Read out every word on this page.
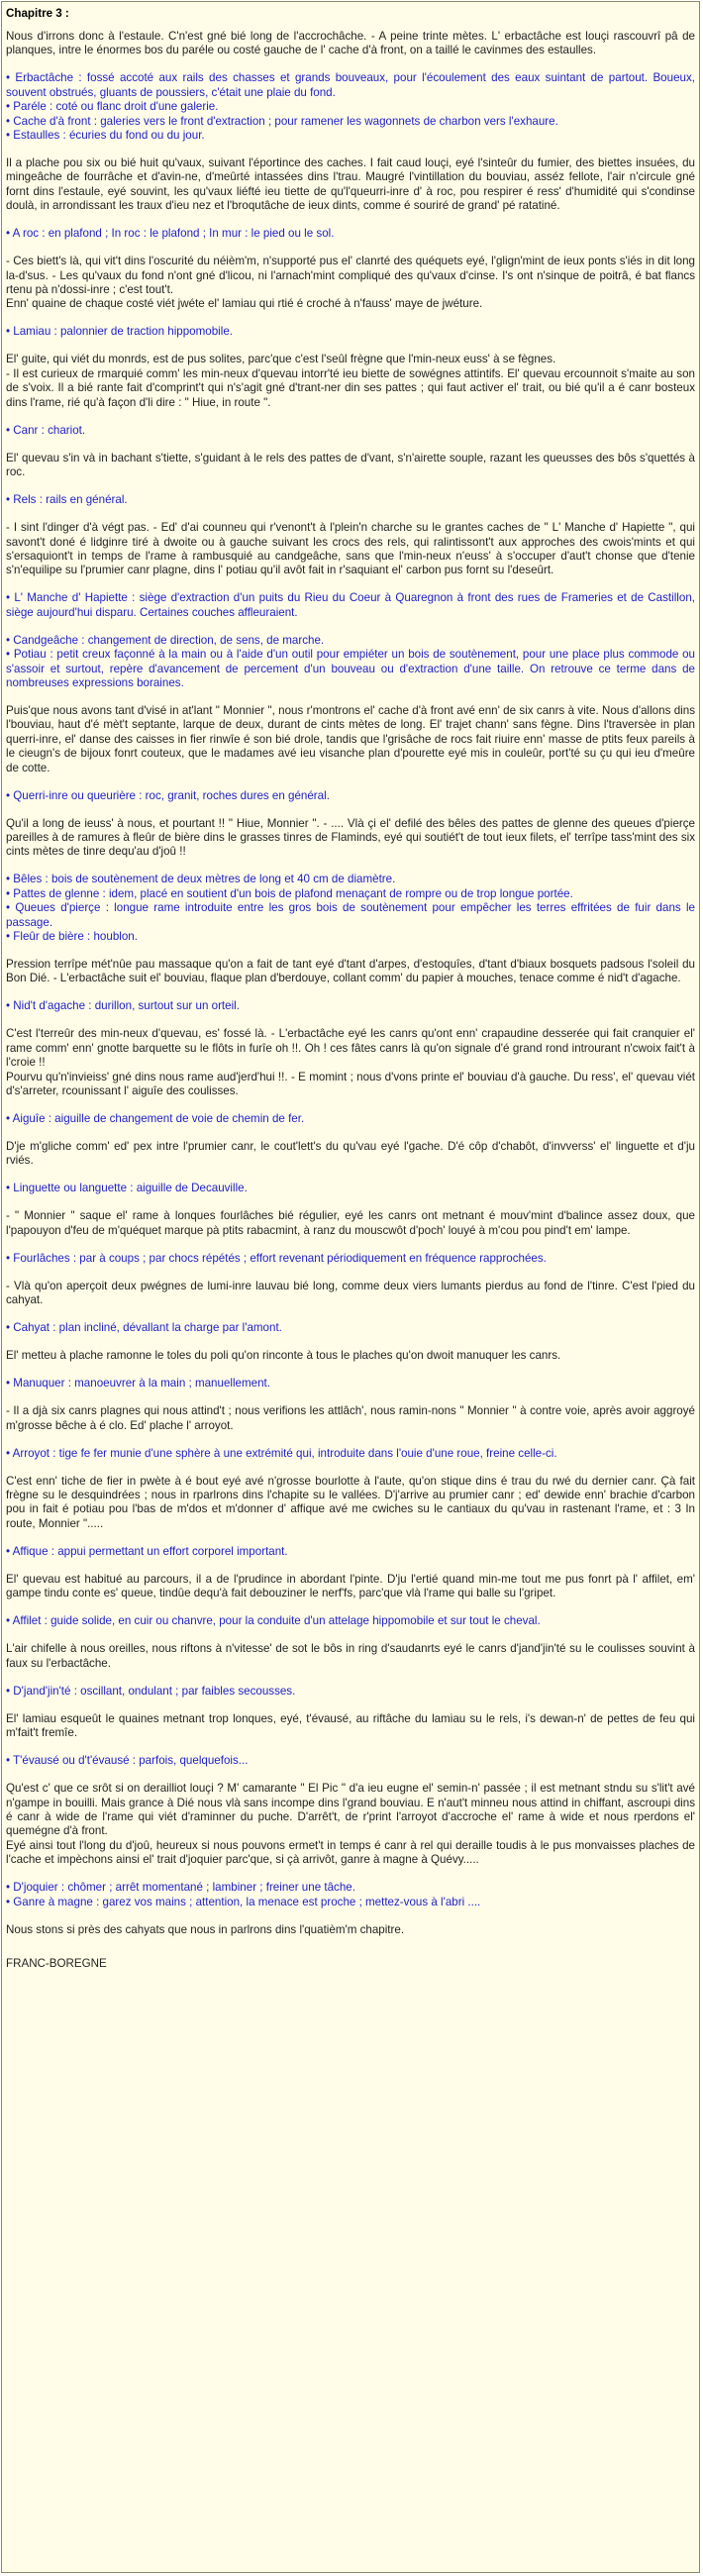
Chapitre 3 :
Nous d'irrons donc à l'estaule. C'n'est gné bié long de l'accrochâche. - A peine trinte mètes. L' erbactâche est louçi rascouvrî pâ de planques, intre le énormes bos du paréle ou costé gauche de l' cache d'à front, on a taillé le cavinmes des estaulles.
• Erbactâche : fossé accoté aux rails des chasses et grands bouveaux, pour l'écoulement des eaux suintant de partout. Boueux, souvent obstrués, gluants de poussiers, c'était une plaie du fond.
• Paréle : coté ou flanc droit d'une galerie.
• Cache d'à front : galeries vers le front d'extraction ; pour ramener les wagonnets de charbon vers l'exhaure.
• Estaulles : écuries du fond ou du jour.
Il a plache pou six ou bié huit qu'vaux, suivant l'éportince des caches. I fait caud louçi, eyé l'sinteûr du fumier, des biettes insuées, du mingeâche de fourrâche et d'avin-ne, d'meûrté intassées dins l'trau. Maugré l'vintillation du bouviau, asséz fellote, l'air n'circule gné fornt dins l'estaule, eyé souvint, les qu'vaux liéfté ieu tiette de qu'l'queurri-inre d' à roc, pou respirer é ress' d'humidité qui s'condinse doulà, in arrondissant les traux d'ieu nez et l'broqutâche de ieux dints, comme é souriré de grand' pé ratatiné.
• A roc : en plafond ; In roc : le plafond ; In mur : le pied ou le sol.
- Ces biett's là, qui vit't dins l'oscurité du néièm'm, n'supporté pus el' clanrté des quéquets eyé, l'glign'mint de ieux ponts s'iés in dit long la-d'sus. - Les qu'vaux du fond n'ont gné d'licou, ni l'arnach'mint compliqué des qu'vaux d'cinse. I's ont n'sinque de poitrâ, é bat flancs rtenu pà n'dossi-inre ; c'est tout't.
Enn' quaine de chaque costé viét jwéte el' lamiau qui rtié é croché à n'fauss' maye de jwéture.
• Lamiau : palonnier de traction hippomobile.
El' guite, qui viét du monrds, est de pus solites, parc'que c'est l'seûl frègne que l'min-neux euss' à se fègnes.
- Il est curieux de rmarquié comm' les min-neux d'quevau intorr'té ieu biette de sowégnes attintifs. El' quevau ercounnoit s'maite au son de s'voix. Il a bié rante fait d'comprint't qui n's'agit gné d'trant-ner din ses pattes ; qui faut activer el' trait, ou bié qu'il a é canr bosteux dins l'rame, rié qu'à façon d'li dire : " Hiue, in route ".
• Canr : chariot.
El' quevau s'in và in bachant s'tiette, s'guidant à le rels des pattes de d'vant, s'n'airette souple, razant les queusses des bôs s'quettés à roc.
• Rels : rails en général.
- I sint l'dinger d'à végt pas. - Ed' d'ai counneu qui r'venont't à l'plein'n charche su le grantes caches de " L' Manche d' Hapiette ", qui savont't doné é lidginre tiré à dwoite ou à gauche suivant les crocs des rels, qui ralintissont't aux approches des cwois'mints et qui s'ersaquiont't in temps de l'rame à rambusquié au candgeâche, sans que l'min-neux n'euss' à s'occuper d'aut't chonse que d'tenie s'n'equilipe su l'prumier canr plagne, dins l' potiau qu'il avôt fait in r'saquiant el' carbon pus fornt su l'deseûrt.
• L' Manche d' Hapiette : siège d'extraction d'un puits du Rieu du Coeur à Quaregnon à front des rues de Frameries et de Castillon, siège aujourd'hui disparu. Certaines couches affleuraient.
• Candgeâche : changement de direction, de sens, de marche.
• Potiau : petit creux façonné à la main ou à l'aide d'un outil pour empiéter un bois de soutènement, pour une place plus commode ou s'assoir et surtout, repère d'avancement de percement d'un bouveau ou d'extraction d'une taille. On retrouve ce terme dans de nombreuses expressions boraines.
Puis'que nous avons tant d'visé in at'lant " Monnier ", nous r'montrons el' cache d'à front avé enn' de six canrs à vite. Nous d'allons dins l'bouviau, haut d'é mèt't septante, larque de deux, durant de cints mètes de long. El' trajet chann' sans fègne. Dins l'traversèe in plan querri-inre, el' danse des caisses in fier rinwîe é son bié drole, tandis que l'grisâche de rocs fait riuire enn' masse de ptits feux pareils à le cieugn's de bijoux fonrt couteux, que le madames avé ieu visanche plan d'pourette eyé mis in couleûr, port'té su çu qui ieu d'meûre de cotte.
• Querri-inre ou queurière : roc, granit, roches dures en général.
Qu'il a long de ieuss' à nous, et pourtant !! " Hiue, Monnier ". - .... Vlà çi el' defilé des bêles des pattes de glenne des queues d'pierçe pareilles à de ramures à fleûr de bière dins le grasses tinres de Flaminds, eyé qui soutiét't de tout ieux filets, el' terrîpe tass'mint des six cints mètes de tinre dequ'au d'joû !!
• Bêles : bois de soutènement de deux mètres de long et 40 cm de diamètre.
• Pattes de glenne : idem, placé en soutient d'un bois de plafond menaçant de rompre ou de trop longue portée.
• Queues d'pierçe : longue rame introduite entre les gros bois de soutènement pour empêcher les terres effritées de fuir dans le passage.
• Fleûr de bière : houblon.
Pression terrîpe mét'nûe pau massaque qu'on a fait de tant eyé d'tant d'arpes, d'estoquîes, d'tant d'biaux bosquets padsous l'soleil du Bon Dié. - L'erbactâche suit el' bouviau, flaque plan d'berdouye, collant comm' du papier à mouches, tenace comme é nid't d'agache.
• Nid't d'agache : durillon, surtout sur un orteil.
C'est l'terreûr des min-neux d'quevau, es' fossé là. - L'erbactâche eyé les canrs qu'ont enn' crapaudine desserée qui fait cranquier el' rame comm' enn' gnotte barquette su le flôts in furîe oh !!. Oh ! ces fâtes canrs là qu'on signale d'é grand rond introurant n'cwoix fait't à l'croie !!
Pourvu qu'n'invieiss' gné dins nous rame aud'jerd'hui !!. - E momint ; nous d'vons printe el' bouviau d'à gauche. Du ress', el' quevau viét d's'arreter, rcounissant l' aiguîe des coulisses.
• Aiguîe : aiguille de changement de voie de chemin de fer.
D'je m'gliche comm' ed' pex intre l'prumier canr, le cout'lett's du qu'vau eyé l'gache. D'é côp d'chabôt, d'invverss' el' linguette et d'ju rviés.
• Linguette ou languette : aiguille de Decauville.
- " Monnier " saque el' rame à lonques fourlâches bié régulier, eyé les canrs ont metnant é mouv'mint d'balince assez doux, que l'papouyon d'feu de m'quéquet marque pà ptits rabacmint, à ranz du mouscwôt d'poch' louyé à m'cou pou pind't em' lampe.
• Fourlâches : par à coups ; par chocs répétés ; effort revenant périodiquement en fréquence rapprochées.
- Vlà qu'on aperçoit deux pwégnes de lumi-inre lauvau bié long, comme deux viers lumants pierdus au fond de l'tinre. C'est l'pied du cahyat.
• Cahyat : plan incliné, dévallant la charge par l'amont.
El' metteu à plache ramonne le toles du poli qu'on rinconte à tous le plaches qu'on dwoit manuquer les canrs.
• Manuquer : manoeuvrer à la main ; manuellement.
- Il a djà six canrs plagnes qui nous attind't ; nous verifions les attlâch', nous ramin-nons " Monnier " à contre voie, après avoir aggroyé m'grosse bêche à é clo. Ed' plache l' arroyot.
• Arroyot : tige fe fer munie d'une sphère à une extrémité qui, introduite dans l'ouie d'une roue, freine celle-ci.
C'est enn' tiche de fier in pwète à é bout eyé avé n'grosse bourlotte à l'aute, qu'on stique dins é trau du rwé du dernier canr. Çà fait frègne su le desquindrées ; nous in rparlrons dins l'chapite su le vallées. D'j'arrive au prumier canr ; ed' dewide enn' brachie d'carbon pou in fait é potiau pou l'bas de m'dos et m'donner d' affique avé me cwiches su le cantiaux du qu'vau in rastenant l'rame, et : 3 In route, Monnier ".....
• Affique : appui permettant un effort corporel important.
El' quevau est habitué au parcours, il a de l'prudince in abordant l'pinte. D'ju l'ertié quand min-me tout me pus fonrt pà l' affilet, em' gampe tindu conte es' queue, tindûe dequ'à fait debouziner le nerf'fs, parc'que vlà l'rame qui balle su l'gripet.
• Affilet : guide solide, en cuir ou chanvre, pour la conduite d'un attelage hippomobile et sur tout le cheval.
L'air chifelle à nous oreilles, nous riftons à n'vitesse' de sot le bôs in ring d'saudanrts eyé le canrs d'jand'jin'té su le coulisses souvint à faux su l'erbactâche.
• D'jand'jin'té : oscillant, ondulant ; par faibles secousses.
El' lamiau esqueût le quaines metnant trop lonques, eyé, t'évausé, au riftâche du lamiau su le rels, i's dewan-n' de pettes de feu qui m'fait't fremîe.
• T'évausé ou d't'évausé : parfois, quelquefois...
Qu'est c' que ce srôt si on derailliot louçi ? M' camarante " El Pic " d'a ieu eugne el' semin-n' passée ; il est metnant stndu su s'lit't avé n'gampe in bouilli. Mais grance à Dié nous vlà sans incompe dins l'grand bouviau. E n'aut't minneu nous attind in chiffant, ascroupi dins é canr à wide de l'rame qui viét d'raminner du puche. D'arrêt't, de r'print l'arroyot d'accroche el' rame à wide et nous rperdons el' quemégne d'à front.
Eyé ainsi tout l'long du d'joû, heureux si nous pouvons ermet't in temps é canr à rel qui deraille toudis à le pus monvaisses plaches de l'cache et impèchons ainsi el' trait d'joquier parc'que, si çà arrivôt, ganre à magne à Quévy.....
• D'joquier : chômer ; arrêt momentané ; lambiner ; freiner une tâche.
• Ganre à magne : garez vos mains ; attention, la menace est proche ; mettez-vous à l'abri ....
Nous stons si près des cahyats que nous in parlrons dins l'quatièm'm chapitre.
FRANC-BOREGNE
